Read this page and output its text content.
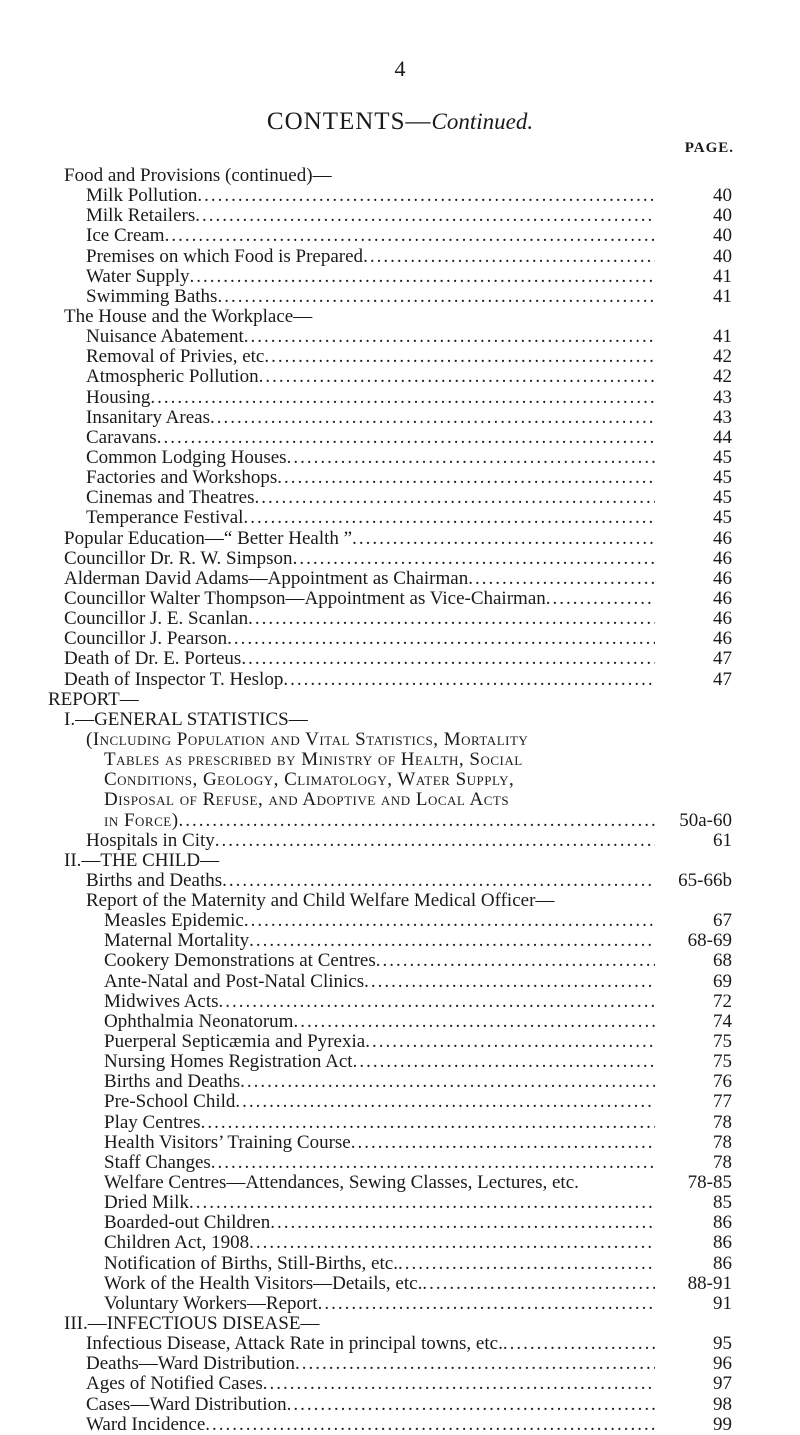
4
CONTENTS—Continued.
PAGE.
Food and Provisions (continued)—
Milk Pollution .....	40
Milk Retailers .....	40
Ice Cream .....	40
Premises on which Food is Prepared .....	40
Water Supply .....	41
Swimming Baths .....	41
The House and the Workplace—
Nuisance Abatement .....	41
Removal of Privies, etc .....	42
Atmospheric Pollution .....	42
Housing .....	43
Insanitary Areas .....	43
Caravans .....	44
Common Lodging Houses .....	45
Factories and Workshops .....	45
Cinemas and Theatres .....	45
Temperance Festival .....	45
Popular Education—“ Better Health ” .....	46
Councillor Dr. R. W. Simpson .....	46
Alderman David Adams—Appointment as Chairman .....	46
Councillor Walter Thompson—Appointment as Vice-Chairman .....	46
Councillor J. E. Scanlan .....	46
Councillor J. Pearson .....	46
Death of Dr. E. Porteus .....	47
Death of Inspector T. Heslop .....	47
REPORT—
I.—GENERAL STATISTICS—
(Including Population and Vital Statistics, Mortality
Tables as prescribed by Ministry of Health, Social
Conditions, Geology, Climatology, Water Supply,
Disposal of Refuse, and Adoptive and Local Acts
in Force) .....	50a-60
Hospitals in City .....	61
II.—THE CHILD—
Births and Deaths .....	65-66b
Report of the Maternity and Child Welfare Medical Officer—
Measles Epidemic .....	67
Maternal Mortality .....	68-69
Cookery Demonstrations at Centres .....	68
Ante-Natal and Post-Natal Clinics .....	69
Midwives Acts .....	72
Ophthalmia Neonatorum .....	74
Puerperal Septicæmia and Pyrexia .....	75
Nursing Homes Registration Act .....	75
Births and Deaths .....	76
Pre-School Child .....	77
Play Centres .....	78
Health Visitors’ Training Course .....	78
Staff Changes .....	78
Welfare Centres—Attendances, Sewing Classes, Lectures, etc.	78-85
Dried Milk .....	85
Boarded-out Children .....	86
Children Act, 1908 .....	86
Notification of Births, Still-Births, etc. .....	86
Work of the Health Visitors—Details, etc. .....	88-91
Voluntary Workers—Report .....	91
III.—INFECTIOUS DISEASE—
Infectious Disease, Attack Rate in principal towns, etc. .....	95
Deaths—Ward Distribution .....	96
Ages of Notified Cases .....	97
Cases—Ward Distribution .....	98
Ward Incidence .....	99
